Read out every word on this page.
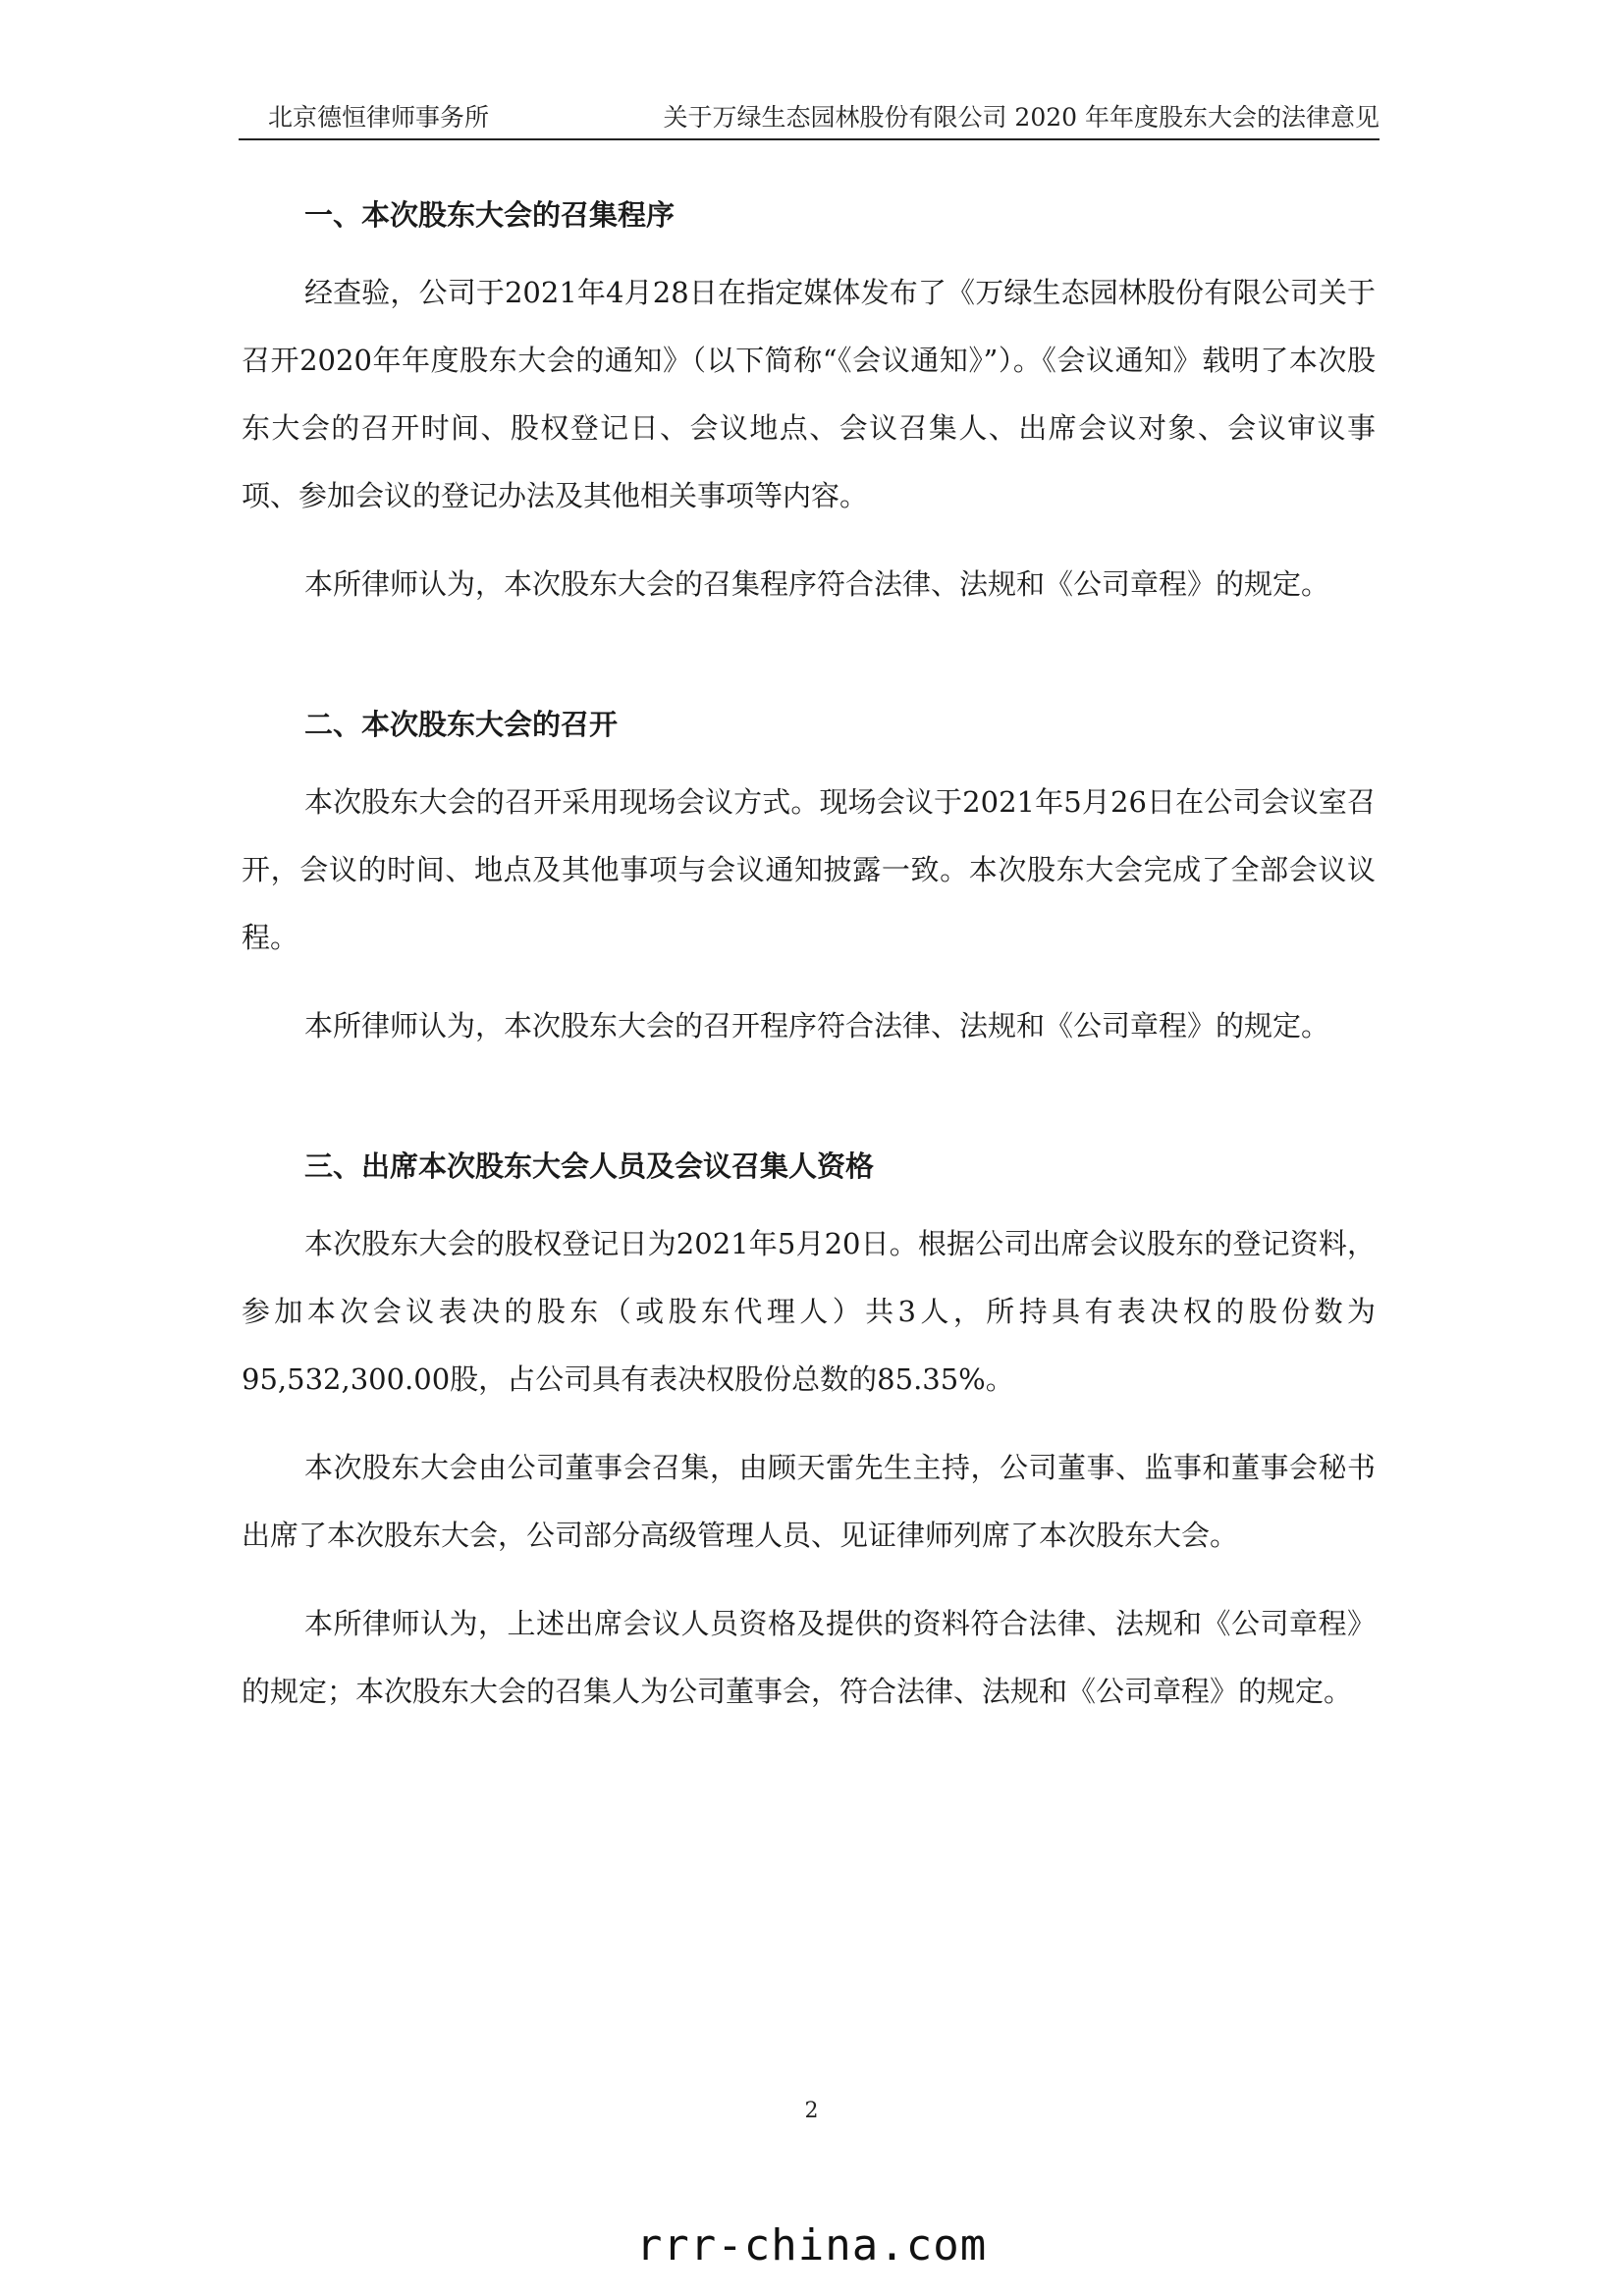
北京德恒律师事务所	关于万绿生态园林股份有限公司 2020 年年度股东大会的法律意见
一、本次股东大会的召集程序

经查验，公司于2021年4月28日在指定媒体发布了《万绿生态园林股份有限公司关于召开2020年年度股东大会的通知》（以下简称“《会议通知》”）。《会议通知》载明了本次股东大会的召开时间、股权登记日、会议地点、会议召集人、出席会议对象、会议审议事项、参加会议的登记办法及其他相关事项等内容。

本所律师认为，本次股东大会的召集程序符合法律、法规和《公司章程》的规定。

二、本次股东大会的召开

本次股东大会的召开采用现场会议方式。现场会议于2021年5月26日在公司会议室召开，会议的时间、地点及其他事项与会议通知披露一致。本次股东大会完成了全部会议议程。

本所律师认为，本次股东大会的召开程序符合法律、法规和《公司章程》的规定。

三、出席本次股东大会人员及会议召集人资格

本次股东大会的股权登记日为2021年5月20日。根据公司出席会议股东的登记资料，参加本次会议表决的股东（或股东代理人）共3人，所持具有表决权的股份数为95,532,300.00股，占公司具有表决权股份总数的85.35%。

本次股东大会由公司董事会召集，由顾天雷先生主持，公司董事、监事和董事会秘书出席了本次股东大会，公司部分高级管理人员、见证律师列席了本次股东大会。

本所律师认为，上述出席会议人员资格及提供的资料符合法律、法规和《公司章程》的规定；本次股东大会的召集人为公司董事会，符合法律、法规和《公司章程》的规定。

2
rrr-china.com
